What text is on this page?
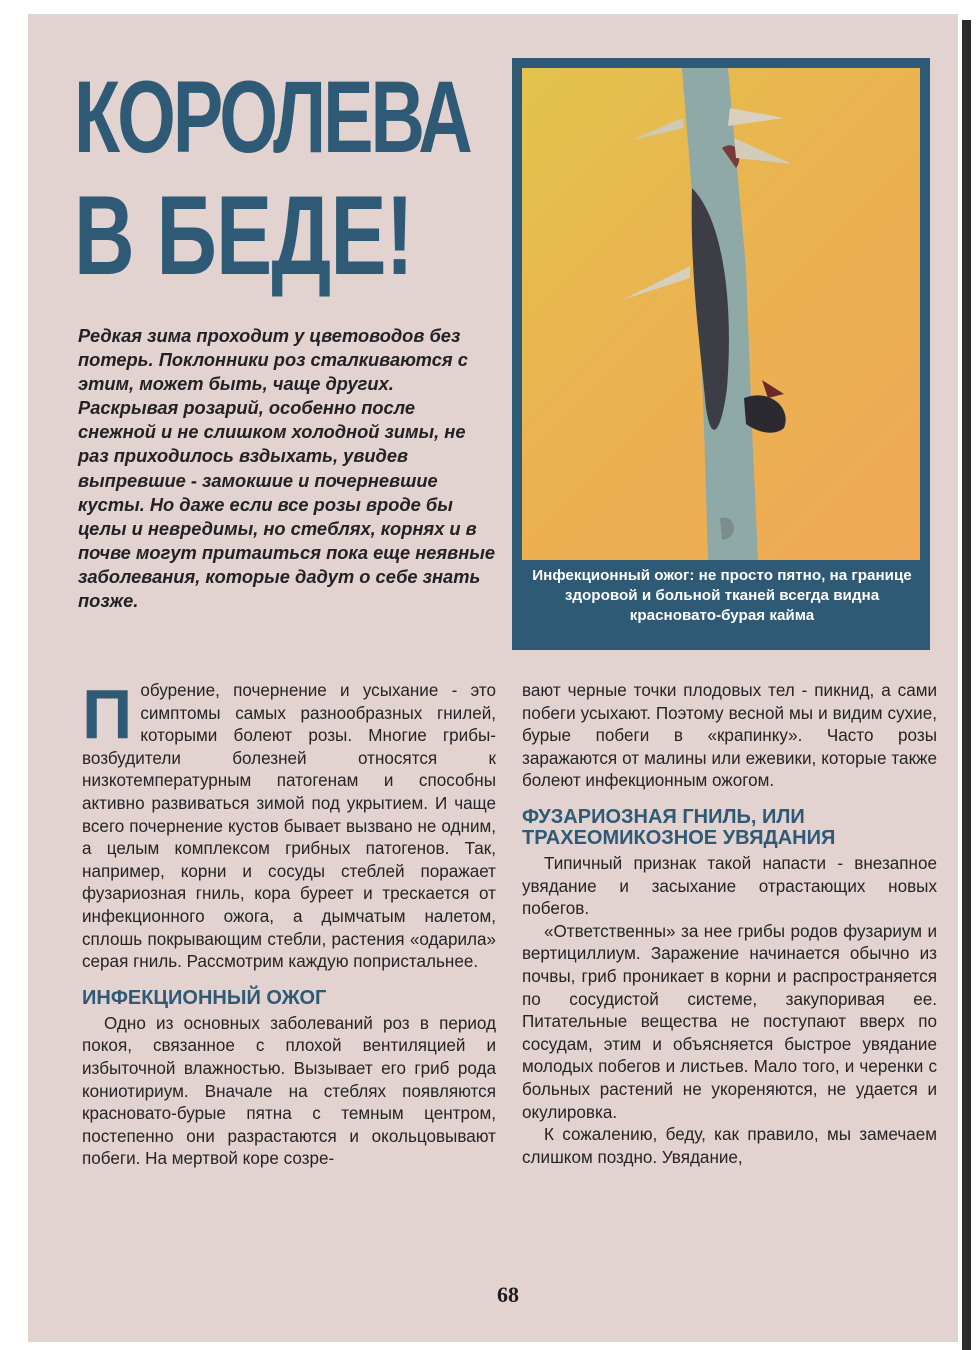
КОРОЛЕВА
В БЕДЕ!

Редкая зима проходит у цветоводов без потерь. Поклонники роз сталкиваются с этим, может быть, чаще других. Раскрывая розарий, особенно после снежной и не слишком холодной зимы, не раз приходилось вздыхать, увидев выпревшие - замокшие и почерневшие кусты. Но даже если все розы вроде бы целы и невредимы, но стеблях, корнях и в почве могут притаиться пока еще неявные заболевания, которые дадут о себе знать позже.

Инфекционный ожог: не просто пятно, на границе здоровой и больной тканей всегда видна красновато-бурая кайма

Побурение, почернение и усыхание - это симптомы самых разнообразных гнилей, которыми болеют розы. Многие грибы-возбудители болезней относятся к низкотемпературным патогенам и способны активно развиваться зимой под укрытием. И чаще всего почернение кустов бывает вызвано не одним, а целым комплексом грибных патогенов. Так, например, корни и сосуды стеблей поражает фузариозная гниль, кора буреет и трескается от инфекционного ожога, а дымчатым налетом, сплошь покрывающим стебли, растения «одарила» серая гниль. Рассмотрим каждую попристальнее.

ИНФЕКЦИОННЫЙ ОЖОГ

Одно из основных заболеваний роз в период покоя, связанное с плохой вентиляцией и избыточной влажностью. Вызывает его гриб рода кониотириум. Вначале на стеблях появляются красновато-бурые пятна с темным центром, постепенно они разрастаются и окольцовывают побеги. На мертвой коре созре-

вают черные точки плодовых тел - пикнид, а сами побеги усыхают. Поэтому весной мы и видим сухие, бурые побеги в «крапинку». Часто розы заражаются от малины или ежевики, которые также болеют инфекционным ожогом.

ФУЗАРИОЗНАЯ ГНИЛЬ, ИЛИ ТРАХЕОМИКОЗНОЕ УВЯДАНИЯ

Типичный признак такой напасти - внезапное увядание и засыхание отрастающих новых побегов.

«Ответственны» за нее грибы родов фузариум и вертициллиум. Заражение начинается обычно из почвы, гриб проникает в корни и распространяется по сосудистой системе, закупоривая ее. Питательные вещества не поступают вверх по сосудам, этим и объясняется быстрое увядание молодых побегов и листьев. Мало того, и черенки с больных растений не укореняются, не удается и окулировка.

К сожалению, беду, как правило, мы замечаем слишком поздно. Увядание,

68
